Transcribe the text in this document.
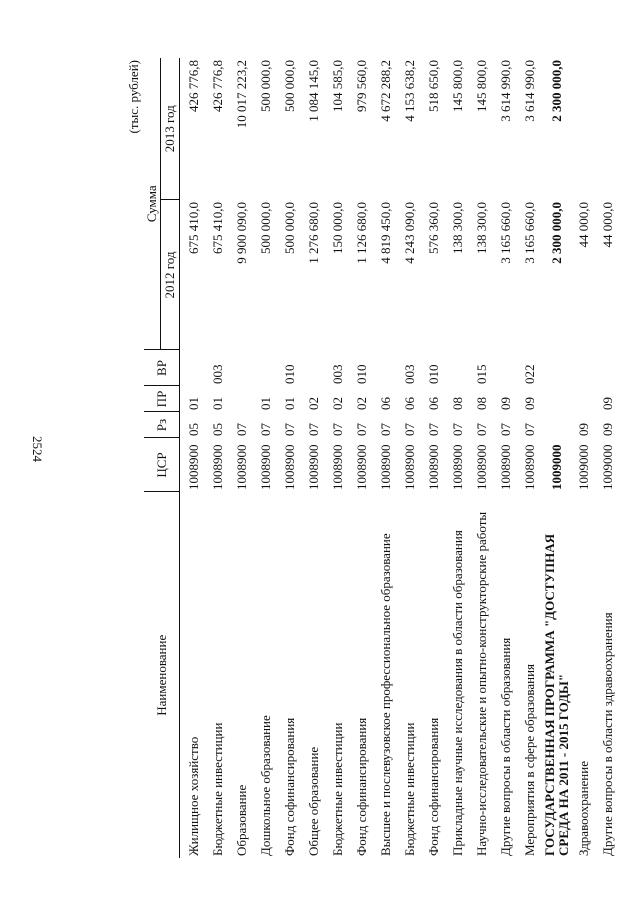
2524
(тыс. рублей)
Наименование	ЦСР	Рз	ПР	ВР	Сумма	
					2012 год	2013 год
Жилищное хозяйство	1008900	05	01		675 410,0	426 776,8
Бюджетные инвестиции	1008900	05	01	003	675 410,0	426 776,8
Образование	1008900	07			9 900 090,0	10 017 223,2
Дошкольное образование	1008900	07	01		500 000,0	500 000,0
Фонд софинансирования	1008900	07	01	010	500 000,0	500 000,0
Общее образование	1008900	07	02		1 276 680,0	1 084 145,0
Бюджетные инвестиции	1008900	07	02	003	150 000,0	104 585,0
Фонд софинансирования	1008900	07	02	010	1 126 680,0	979 560,0
Высшее и послевузовское профессиональное образование	1008900	07	06		4 819 450,0	4 672 288,2
Бюджетные инвестиции	1008900	07	06	003	4 243 090,0	4 153 638,2
Фонд софинансирования	1008900	07	06	010	576 360,0	518 650,0
Прикладные научные исследования в области образования	1008900	07	08		138 300,0	145 800,0
Научно-исследовательские и опытно-конструкторские работы	1008900	07	08	015	138 300,0	145 800,0
Другие вопросы в области образования	1008900	07	09		3 165 660,0	3 614 990,0
Мероприятия в сфере образования	1008900	07	09	022	3 165 660,0	3 614 990,0
ГОСУДАРСТВЕННАЯ ПРОГРАММА "ДОСТУПНАЯ СРЕДА НА 2011 - 2015 ГОДЫ"	1009000				2 300 000,0	2 300 000,0
Здравоохранение	1009000	09			44 000,0	
Другие вопросы в области здравоохранения	1009000	09	09		44 000,0	
